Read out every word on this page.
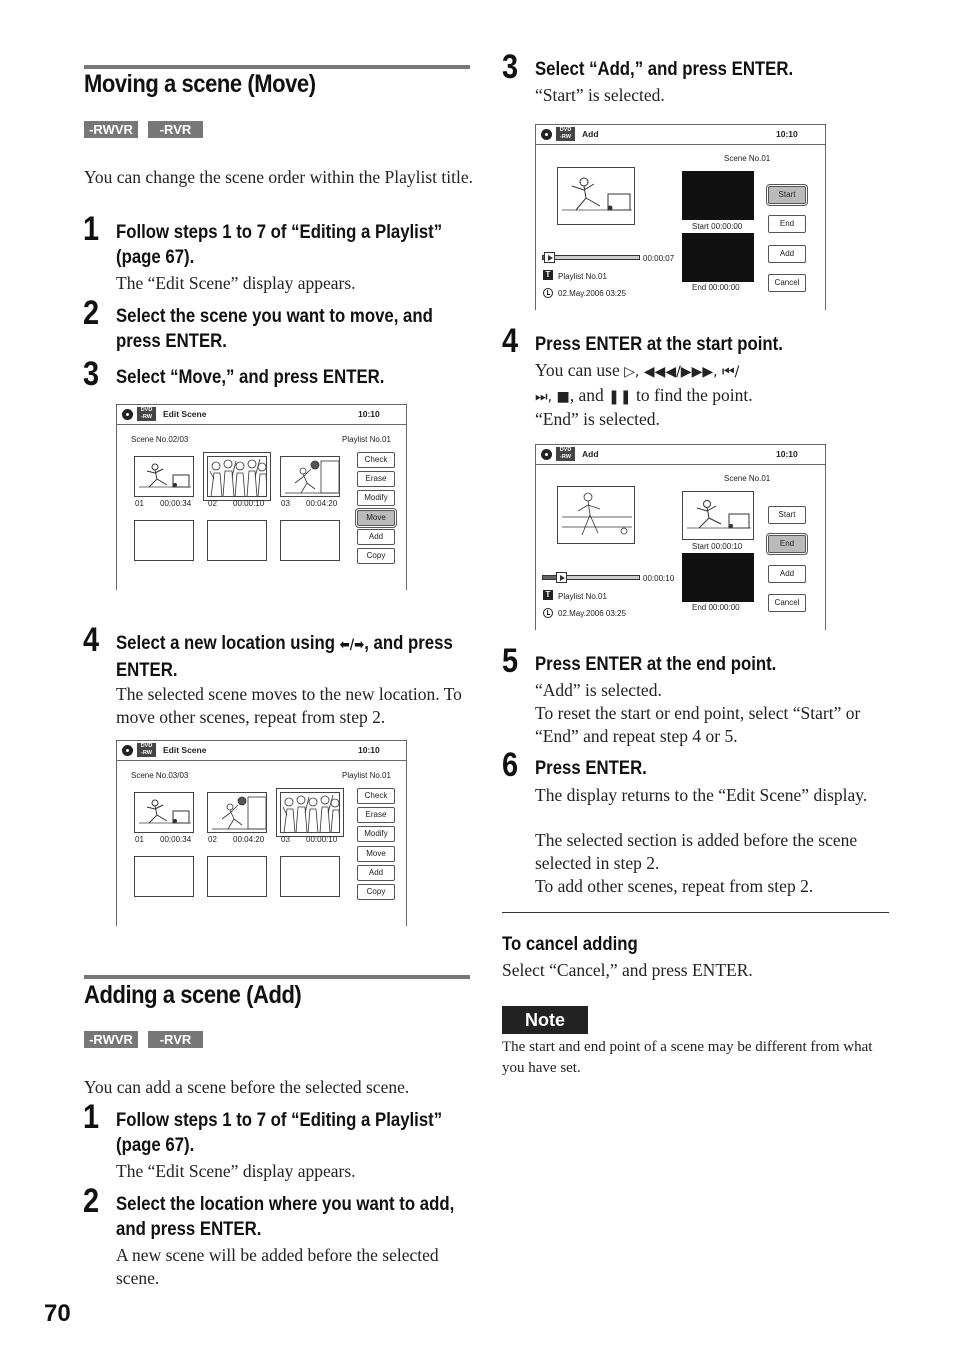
Moving a scene (Move)
-RWVR	-RVR
You can change the scene order within the Playlist title.
1 Follow steps 1 to 7 of “Editing a Playlist” (page 67).
The “Edit Scene” display appears.
2 Select the scene you want to move, and press ENTER.
3 Select “Move,” and press ENTER.
DVD
-RW	Edit Scene	10:10
Scene No.02/03	Playlist No.01
01 00:00:34 02 00:00:10 03 00:04:20
Check
Erase
Modify
Move
Add
Copy
4 Select a new location using ⬅/➡, and press ENTER.
The selected scene moves to the new location. To move other scenes, repeat from step 2.
DVD
-RW	Edit Scene	10:10
Scene No.03/03	Playlist No.01
01 00:00:34 02 00:04:20 03 00:00:10
Check
Erase
Modify
Move
Add
Copy
Adding a scene (Add)
-RWVR	-RVR
You can add a scene before the selected scene.
1 Follow steps 1 to 7 of “Editing a Playlist” (page 67).
The “Edit Scene” display appears.
2 Select the location where you want to add, and press ENTER.
A new scene will be added before the selected scene.
70
3 Select “Add,” and press ENTER.
“Start” is selected.
DVD
-RW	Add	10:10
Scene No.01
Start 00:00:00
End 00:00:00
00:00:07
T Playlist No.01
02.May.2006 03:25
Start
End
Add
Cancel
4 Press ENTER at the start point.
You can use ▷, ◀◀◀/▶▶▶, ⏮/
⏭, ■, and ❚❚ to find the point.
“End” is selected.
DVD
-RW	Add	10:10
Scene No.01
Start 00:00:10
End 00:00:00
00:00:10
T Playlist No.01
02.May.2006 03:25
Start
End
Add
Cancel
5 Press ENTER at the end point.
“Add” is selected.
To reset the start or end point, select “Start” or “End” and repeat step 4 or 5.
6 Press ENTER.
The display returns to the “Edit Scene” display.
The selected section is added before the scene selected in step 2.
To add other scenes, repeat from step 2.
To cancel adding
Select “Cancel,” and press ENTER.
Note
The start and end point of a scene may be different from what you have set.
